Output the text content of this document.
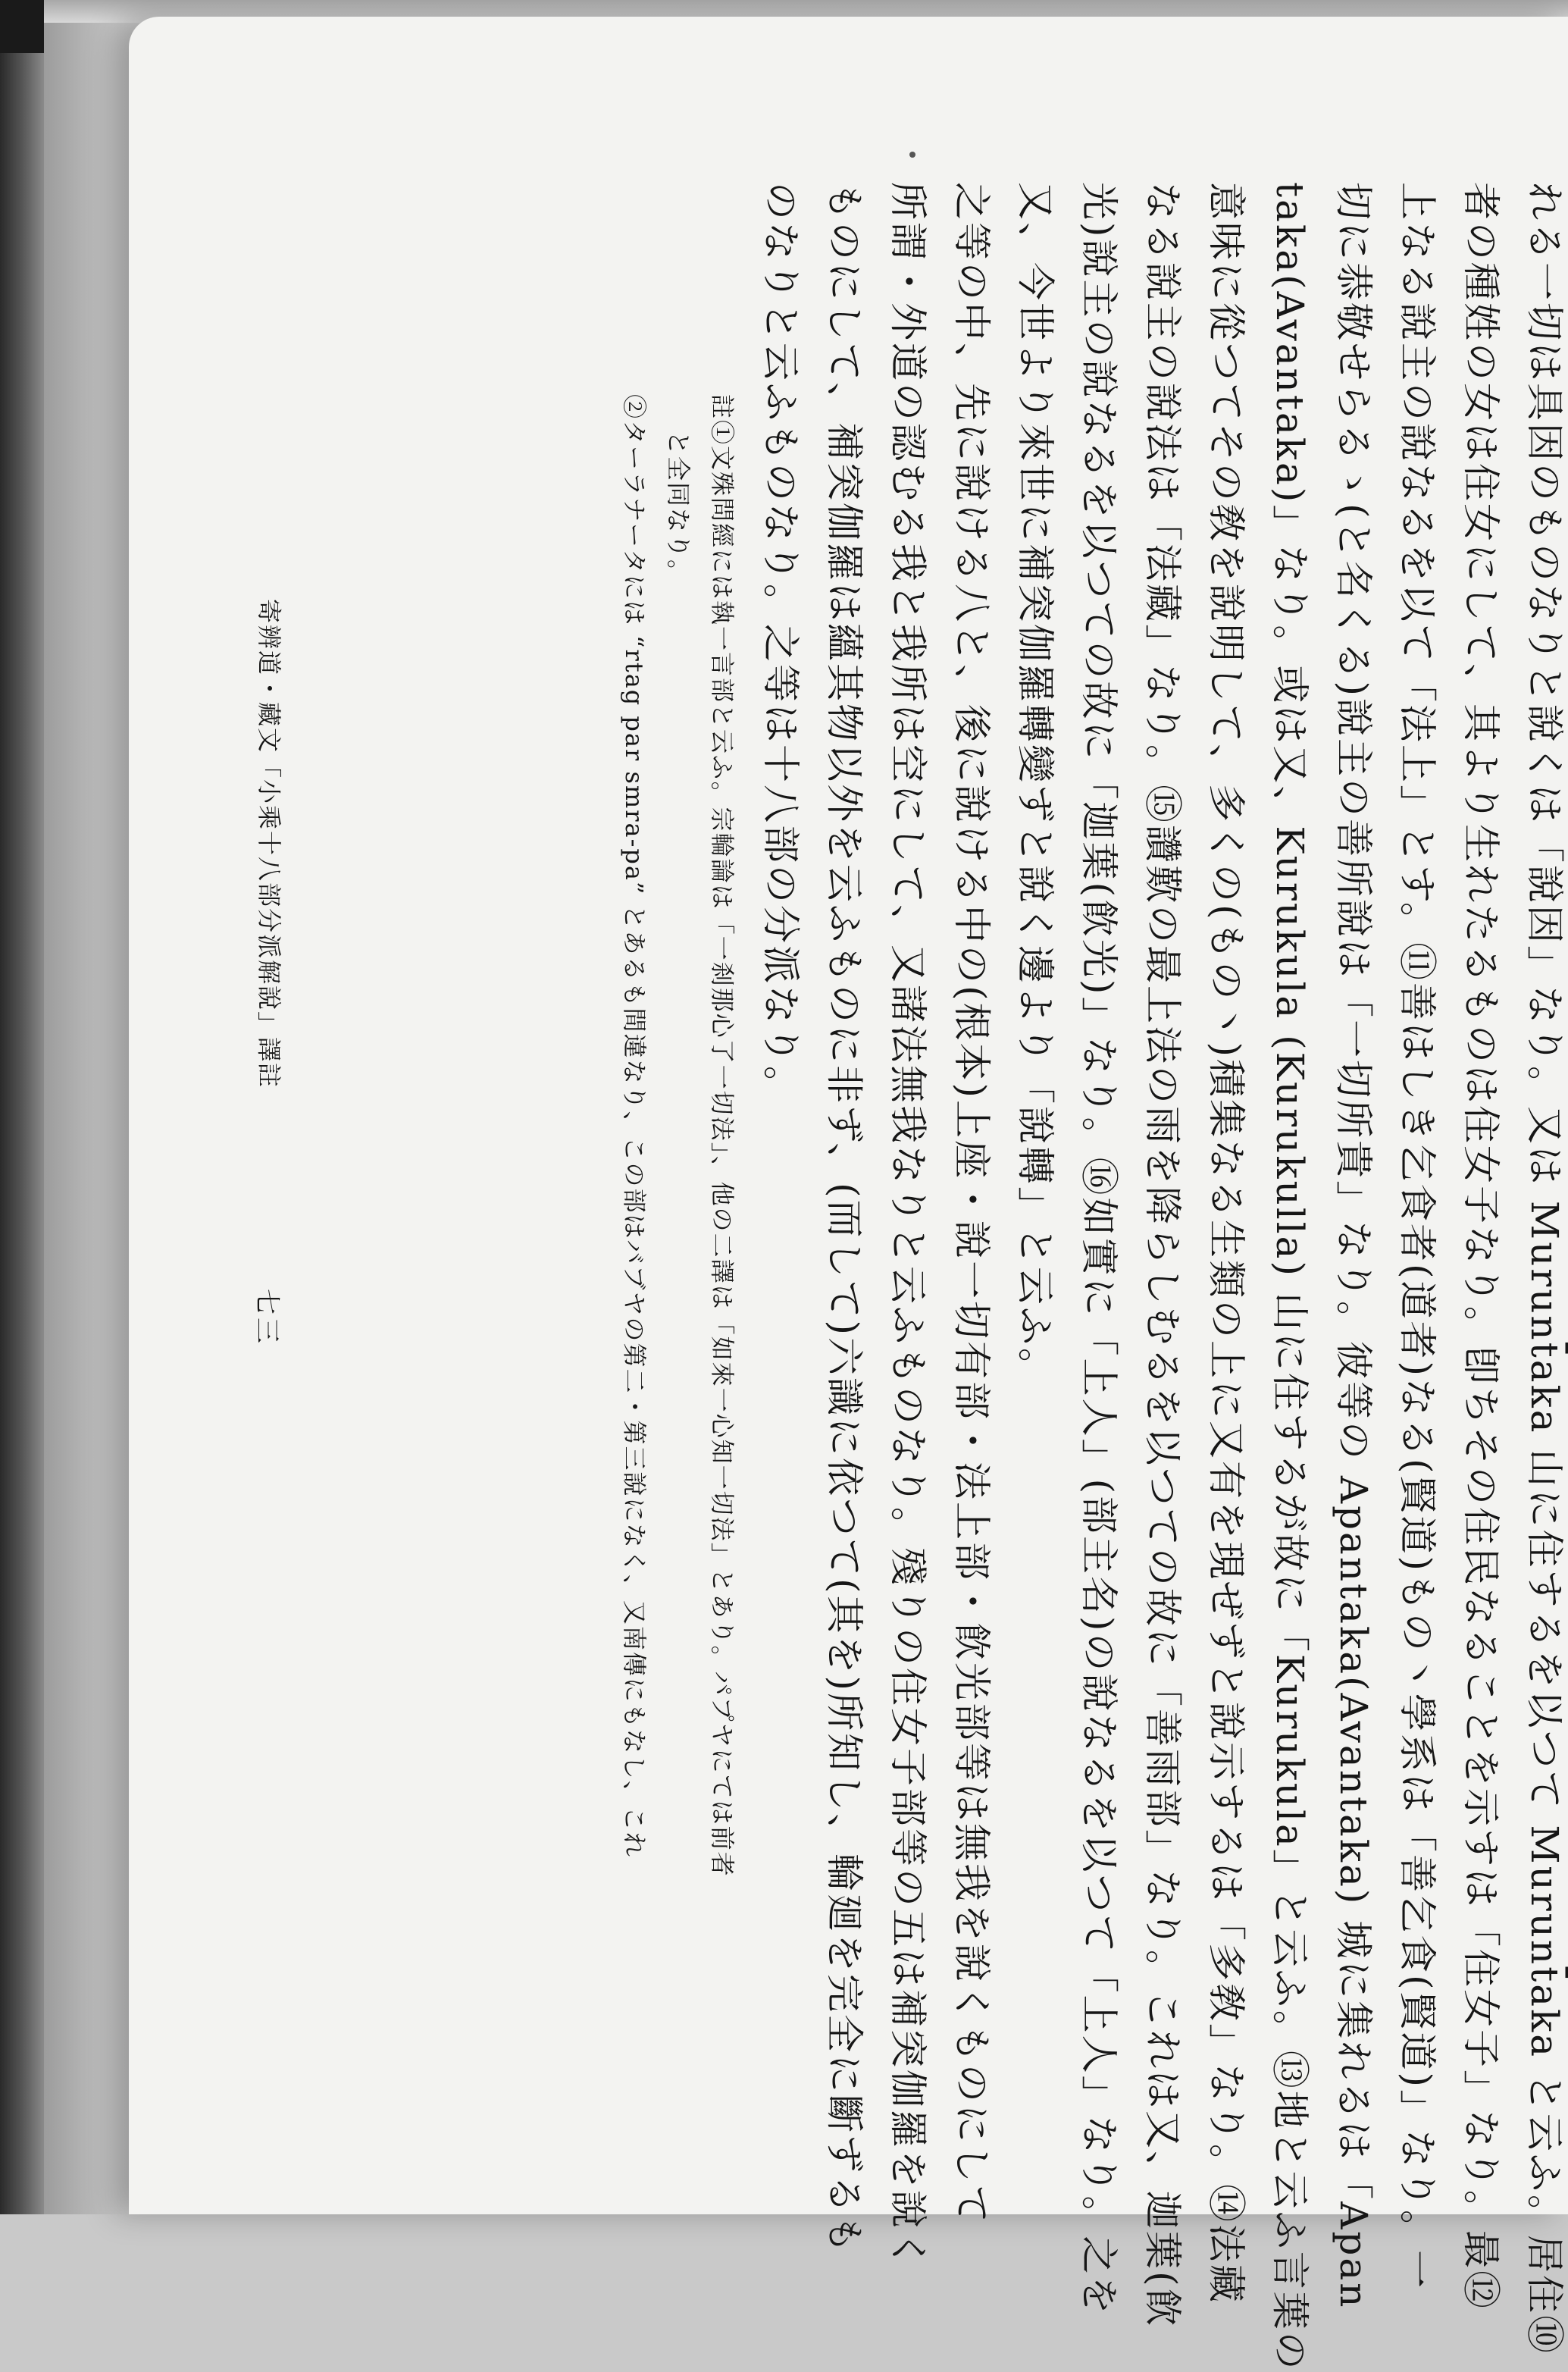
れる一切は具因のものなりと說くは「說因」なり。又は Murunt̄aka 山に住するを以つて Murunt̄aka と云ふ。居住⑩
者の種姓の女は住女にして、其より生れたるものは住女子なり。卽ちその住民なることを示すは「住女子」なり。最⑫
上なる說主の說なるを以て「法上」とす。⑪善はしき乞食者(道者)なる(賢道)もの丶學系は「善乞食(賢道)」なり。一
切に恭敬せらるゝ(と名くる)說主の善所說は「一切所貴」なり。彼等の Apantaka(Avantaka) 城に集れるは「Apan
taka(Avantaka)」なり。或は又、Kurukula (Kurukulla) 山に住するが故に「Kurukula」と云ふ。⑬地と云ふ言葉の
意味に從つてその敎を說明して、多くの(もの丶)積集なる生類の上に又有を現ぜずと說示するは「多敎」なり。⑭法藏
なる說主の說法は「法藏」なり。⑮讚歎の最上法の雨を降らしむるを以つての故に「善雨部」なり。これは又、迦葉(飮
光)說主の說なるを以つての故に「迦葉(飮光)」なり。⑯如實に「上人」(部主名)の說なるを以つて「上人」なり。之を
又、今世より來世に補突伽羅轉變ずと說く邊より「說轉」と云ふ。
之等の中、先に說ける八と、後に說ける中の(根本)上座・說一切有部・法上部・飮光部等は無我を說くものにして
所謂・外道の認むる我と我所は空にして、又諸法無我なりと云ふものなり。殘りの住女子部等の五は補突伽羅を說く
ものにして、補突伽羅は蘊其物以外を云ふものに非ず、(而して)六識に依つて(其を)所知し、輪廻を完全に斷ずるも
のなりと云ふものなり。之等は十八部の分派なり。
註①文殊問經には執一言部と云ふ。宗輪論は「一刹那心了一切法」、他の二譯は「如來一心知一切法」とあり。パプヤにては前者
と全同なり。
②ターラナータには “rtag par smra-pa” とあるも間違なり、この部はバブヤの第二・第三說になく、又南傳にもなし、これ
寄辨道・藏文「小乘十八部分派解說」譯註
七三
